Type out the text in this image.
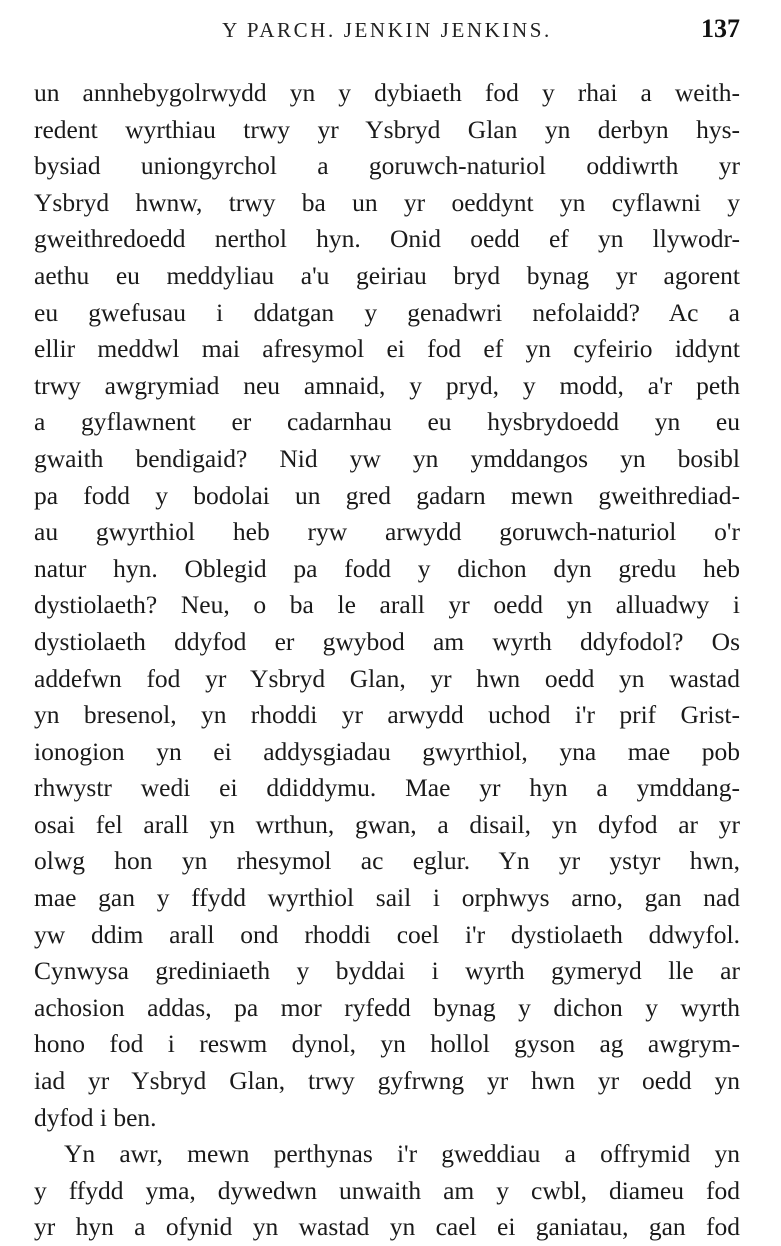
Y PARCH. JENKIN JENKINS.	137
un annhebygolrwydd yn y dybiaeth fod y rhai a weith-
redent wyrthiau trwy yr Ysbryd Glan yn derbyn hys-
bysiad uniongyrchol a goruwch-naturiol oddiwrth yr
Ysbryd hwnw, trwy ba un yr oeddynt yn cyflawni y
gweithredoedd nerthol hyn. Onid oedd ef yn llywodr-
aethu eu meddyliau a'u geiriau bryd bynag yr agorent
eu gwefusau i ddatgan y genadwri nefolaidd? Ac a
ellir meddwl mai afresymol ei fod ef yn cyfeirio iddynt
trwy awgrymiad neu amnaid, y pryd, y modd, a'r peth
a gyflawnent er cadarnhau eu hysbrydoedd yn eu
gwaith bendigaid? Nid yw yn ymddangos yn bosibl
pa fodd y bodolai un gred gadarn mewn gweithrediad-
au gwyrthiol heb ryw arwydd goruwch-naturiol o'r
natur hyn. Oblegid pa fodd y dichon dyn gredu heb
dystiolaeth? Neu, o ba le arall yr oedd yn alluadwy i
dystiolaeth ddyfod er gwybod am wyrth ddyfodol? Os
addefwn fod yr Ysbryd Glan, yr hwn oedd yn wastad
yn bresenol, yn rhoddi yr arwydd uchod i'r prif Grist-
ionogion yn ei addysgiadau gwyrthiol, yna mae pob
rhwystr wedi ei ddiddymu. Mae yr hyn a ymddang-
osai fel arall yn wrthun, gwan, a disail, yn dyfod ar yr
olwg hon yn rhesymol ac eglur. Yn yr ystyr hwn,
mae gan y ffydd wyrthiol sail i orphwys arno, gan nad
yw ddim arall ond rhoddi coel i'r dystiolaeth ddwyfol.
Cynwysa grediniaeth y byddai i wyrth gymeryd lle ar
achosion addas, pa mor ryfedd bynag y dichon y wyrth
hono fod i reswm dynol, yn hollol gyson ag awgrym-
iad yr Ysbryd Glan, trwy gyfrwng yr hwn yr oedd yn
dyfod i ben.
Yn awr, mewn perthynas i'r gweddiau a offrymid yn
y ffydd yma, dywedwn unwaith am y cwbl, diameu fod
yr hyn a ofynid yn wastad yn cael ei ganiatau, gan fod
